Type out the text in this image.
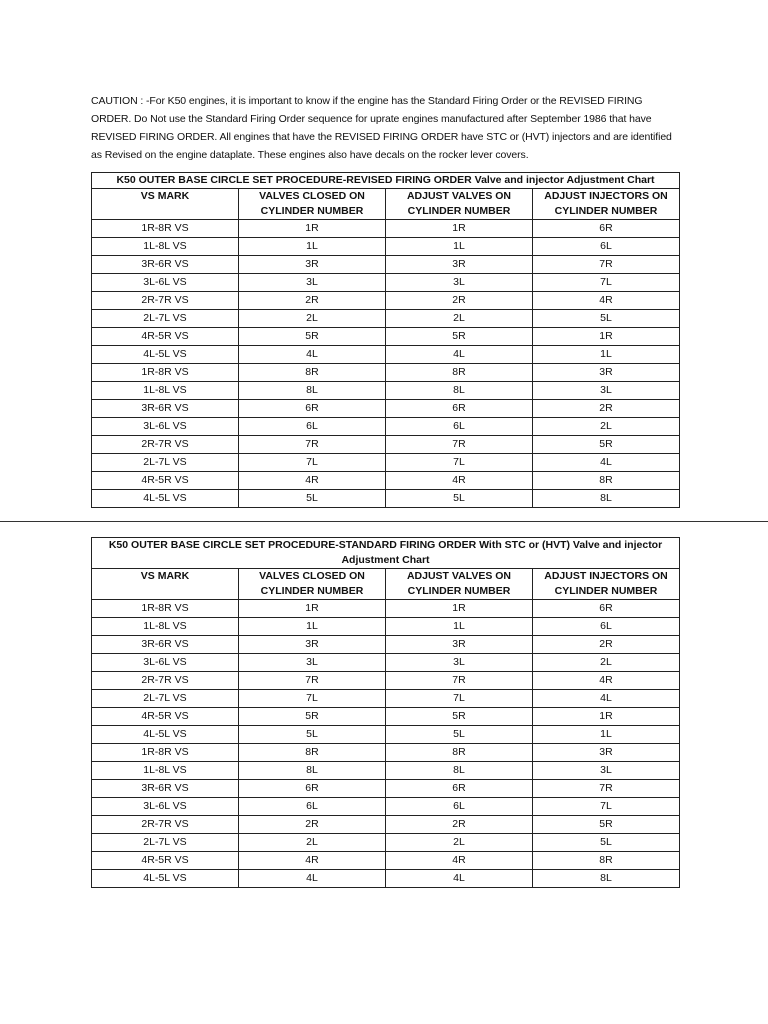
CAUTION : -For K50 engines, it is important to know if the engine has the Standard Firing Order or the REVISED FIRING ORDER. Do Not use the Standard Firing Order sequence for uprate engines manufactured after September 1986 that have REVISED FIRING ORDER. All engines that have the REVISED FIRING ORDER have STC or (HVT) injectors and are identified as Revised on the engine dataplate. These engines also have decals on the rocker lever covers.
K50 OUTER BASE CIRCLE SET PROCEDURE-REVISED FIRING ORDER Valve and injector Adjustment Chart			
VS MARK	VALVES CLOSED ON CYLINDER NUMBER	ADJUST VALVES ON CYLINDER NUMBER	ADJUST INJECTORS ON CYLINDER NUMBER
1R-8R VS	1R	1R	6R
1L-8L VS	1L	1L	6L
3R-6R VS	3R	3R	7R
3L-6L VS	3L	3L	7L
2R-7R VS	2R	2R	4R
2L-7L VS	2L	2L	5L
4R-5R VS	5R	5R	1R
4L-5L VS	4L	4L	1L
1R-8R VS	8R	8R	3R
1L-8L VS	8L	8L	3L
3R-6R VS	6R	6R	2R
3L-6L VS	6L	6L	2L
2R-7R VS	7R	7R	5R
2L-7L VS	7L	7L	4L
4R-5R VS	4R	4R	8R
4L-5L VS	5L	5L	8L
K50 OUTER BASE CIRCLE SET PROCEDURE-STANDARD FIRING ORDER With STC or (HVT) Valve and injector Adjustment Chart			
VS MARK	VALVES CLOSED ON CYLINDER NUMBER	ADJUST VALVES ON CYLINDER NUMBER	ADJUST INJECTORS ON CYLINDER NUMBER
1R-8R VS	1R	1R	6R
1L-8L VS	1L	1L	6L
3R-6R VS	3R	3R	2R
3L-6L VS	3L	3L	2L
2R-7R VS	7R	7R	4R
2L-7L VS	7L	7L	4L
4R-5R VS	5R	5R	1R
4L-5L VS	5L	5L	1L
1R-8R VS	8R	8R	3R
1L-8L VS	8L	8L	3L
3R-6R VS	6R	6R	7R
3L-6L VS	6L	6L	7L
2R-7R VS	2R	2R	5R
2L-7L VS	2L	2L	5L
4R-5R VS	4R	4R	8R
4L-5L VS	4L	4L	8L
